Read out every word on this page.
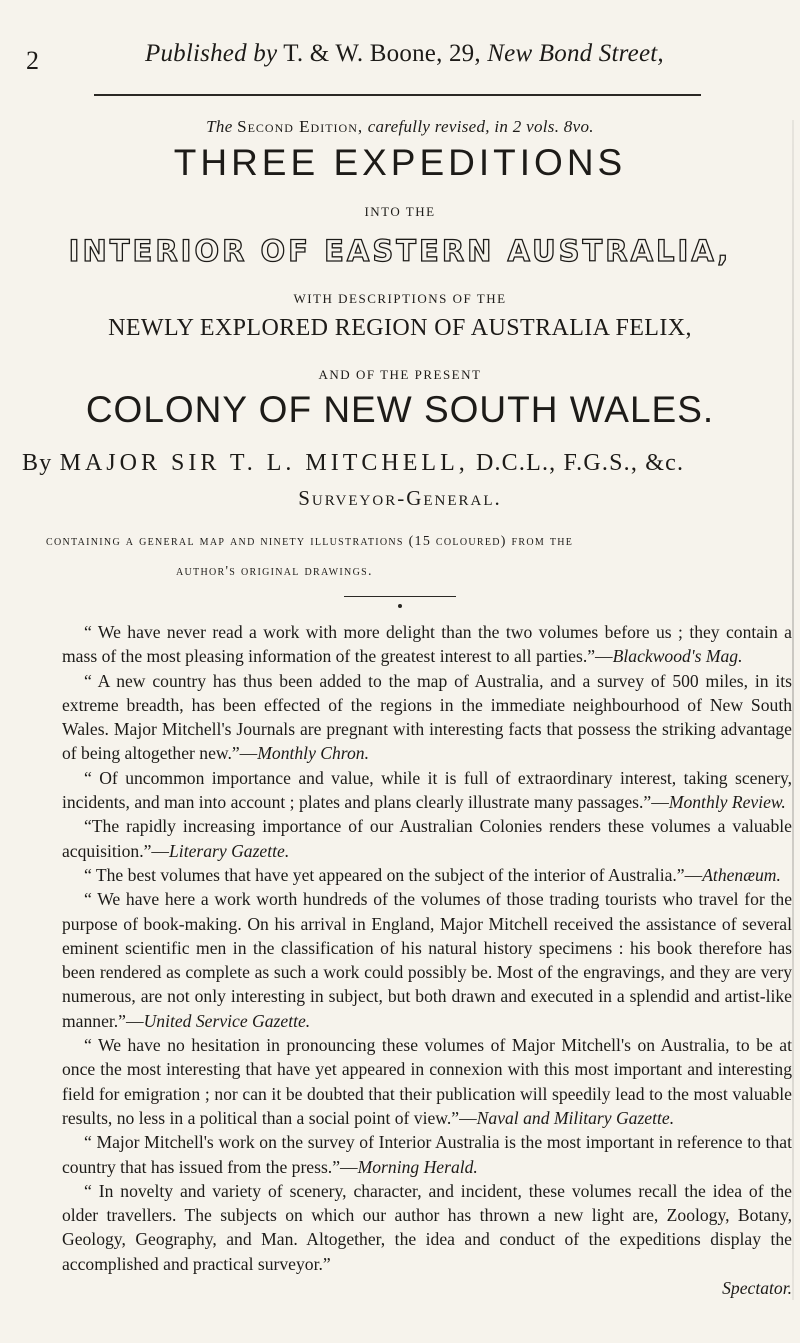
2	Published by T. & W. Boone, 29, New Bond Street,
The Second Edition, carefully revised, in 2 vols. 8vo.
THREE EXPEDITIONS
INTO THE
INTERIOR OF EASTERN AUSTRALIA,
WITH DESCRIPTIONS OF THE
NEWLY EXPLORED REGION OF AUSTRALIA FELIX,
AND OF THE PRESENT
COLONY OF NEW SOUTH WALES.
By MAJOR SIR T. L. MITCHELL, D.C.L., F.G.S., &c.
Surveyor-General.
containing a general map and ninety illustrations (15 coloured) from the
author's original drawings.

“ We have never read a work with more delight than the two volumes before us ; they contain a mass of the most pleasing information of the greatest interest to all parties.”—Blackwood's Mag.

“ A new country has thus been added to the map of Australia, and a survey of 500 miles, in its extreme breadth, has been effected of the regions in the immediate neighbourhood of New South Wales. Major Mitchell's Journals are pregnant with interesting facts that possess the striking advantage of being altogether new.”—Monthly Chron.

“ Of uncommon importance and value, while it is full of extraordinary interest, taking scenery, incidents, and man into account ; plates and plans clearly illustrate many passages.”—Monthly Review.

“The rapidly increasing importance of our Australian Colonies renders these volumes a valuable acquisition.”—Literary Gazette.

“ The best volumes that have yet appeared on the subject of the interior of Australia.”—Athenæum.

“ We have here a work worth hundreds of the volumes of those trading tourists who travel for the purpose of book-making. On his arrival in England, Major Mitchell received the assistance of several eminent scientific men in the classification of his natural history specimens : his book therefore has been rendered as complete as such a work could possibly be. Most of the engravings, and they are very numerous, are not only interesting in subject, but both drawn and executed in a splendid and artist-like manner.”—United Service Gazette.

“ We have no hesitation in pronouncing these volumes of Major Mitchell's on Australia, to be at once the most interesting that have yet appeared in connexion with this most important and interesting field for emigration ; nor can it be doubted that their publication will speedily lead to the most valuable results, no less in a political than a social point of view.”—Naval and Military Gazette.

“ Major Mitchell's work on the survey of Interior Australia is the most important in reference to that country that has issued from the press.”—Morning Herald.

“ In novelty and variety of scenery, character, and incident, these volumes recall the idea of the older travellers. The subjects on which our author has thrown a new light are, Zoology, Botany, Geology, Geography, and Man. Altogether, the idea and conduct of the expeditions display the accomplished and practical surveyor.”
Spectator.
